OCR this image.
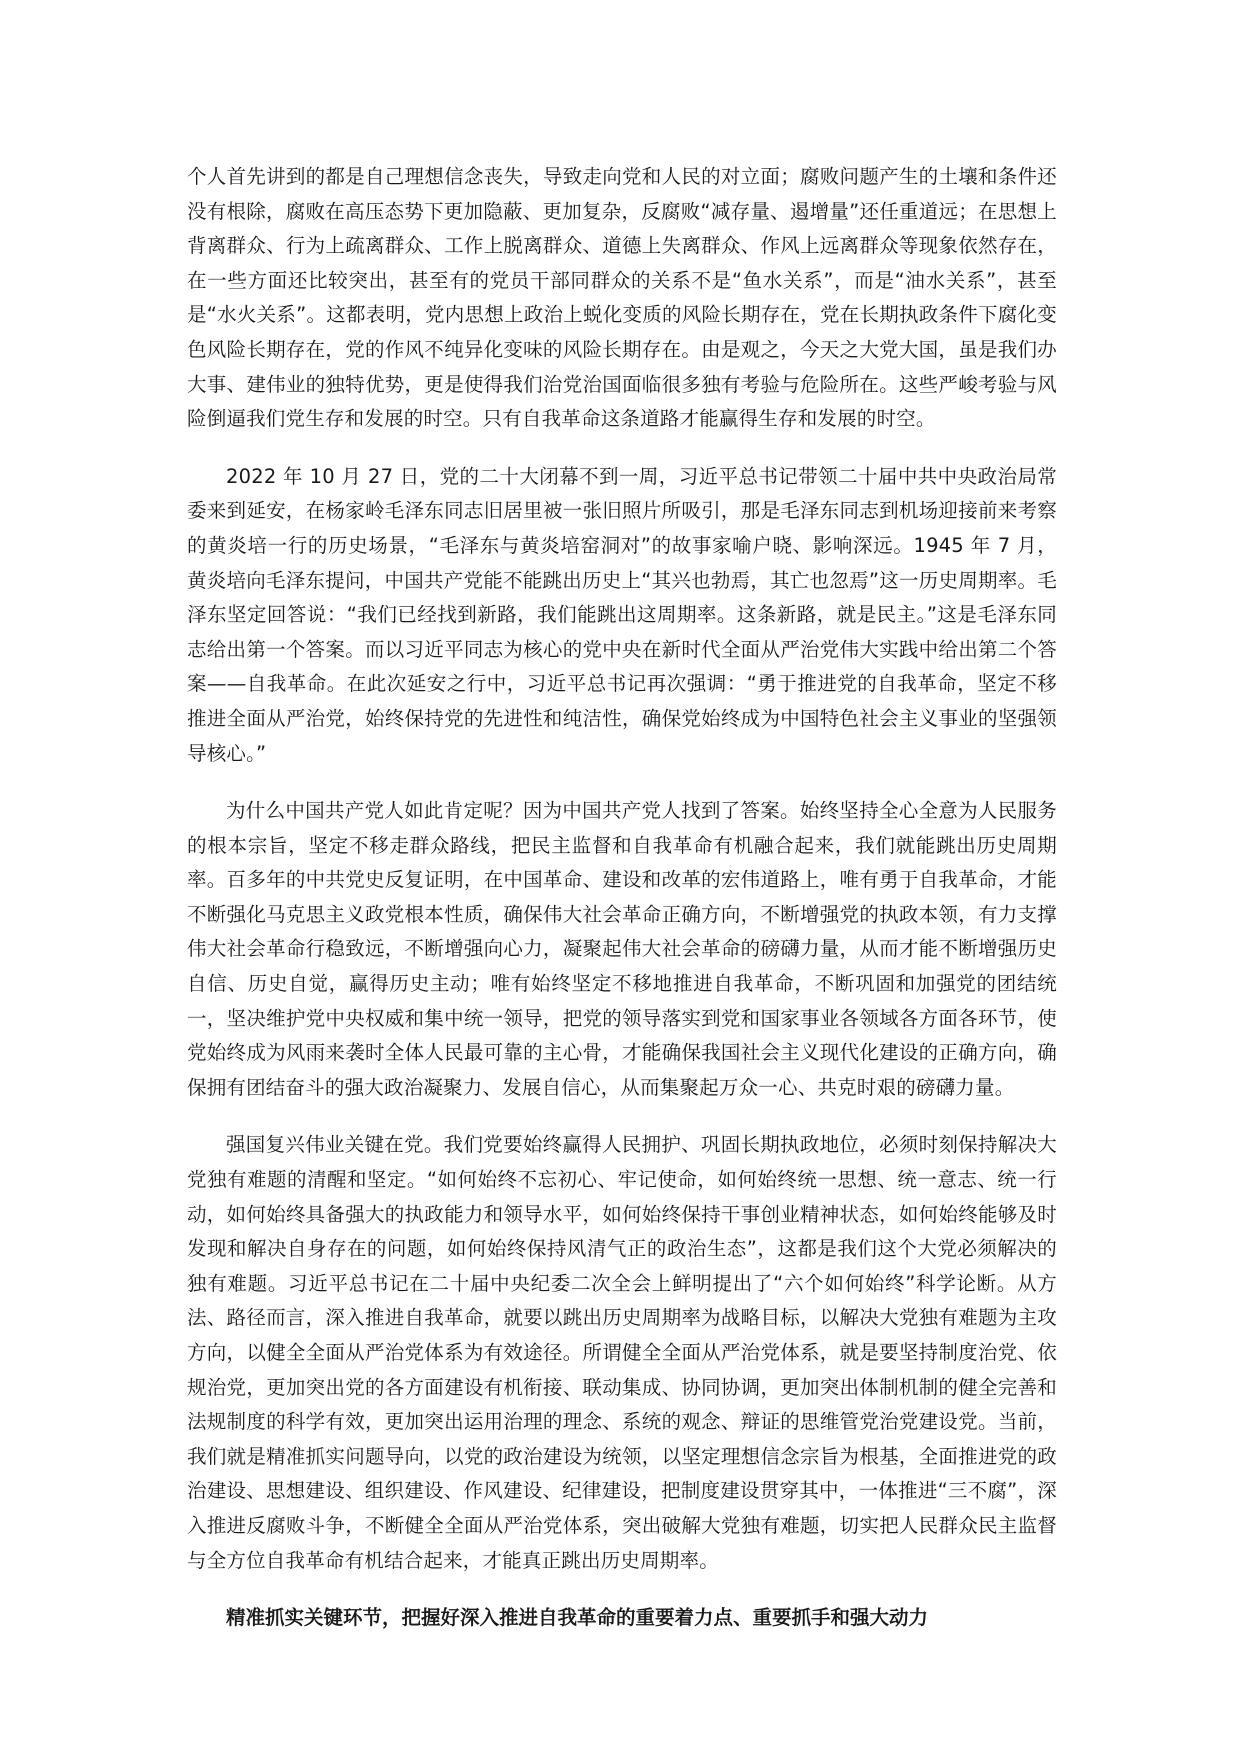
个人首先讲到的都是自己理想信念丧失，导致走向党和人民的对立面；腐败问题产生的土壤和条件还没有根除，腐败在高压态势下更加隐蔽、更加复杂，反腐败“减存量、遏增量”还任重道远；在思想上背离群众、行为上疏离群众、工作上脱离群众、道德上失离群众、作风上远离群众等现象依然存在，在一些方面还比较突出，甚至有的党员干部同群众的关系不是“鱼水关系”，而是“油水关系”，甚至是“水火关系”。这都表明，党内思想上政治上蜕化变质的风险长期存在，党在长期执政条件下腐化变色风险长期存在，党的作风不纯异化变味的风险长期存在。由是观之，今天之大党大国，虽是我们办大事、建伟业的独特优势，更是使得我们治党治国面临很多独有考验与危险所在。这些严峻考验与风险倒逼我们党生存和发展的时空。只有自我革命这条道路才能赢得生存和发展的时空。

2022 年 10 月 27 日，党的二十大闭幕不到一周，习近平总书记带领二十届中共中央政治局常委来到延安，在杨家岭毛泽东同志旧居里被一张旧照片所吸引，那是毛泽东同志到机场迎接前来考察的黄炎培一行的历史场景，“毛泽东与黄炎培窑洞对”的故事家喻户晓、影响深远。1945 年 7 月，黄炎培向毛泽东提问，中国共产党能不能跳出历史上“其兴也勃焉，其亡也忽焉”这一历史周期率。毛泽东坚定回答说：“我们已经找到新路，我们能跳出这周期率。这条新路，就是民主。”这是毛泽东同志给出第一个答案。而以习近平同志为核心的党中央在新时代全面从严治党伟大实践中给出第二个答案——自我革命。在此次延安之行中，习近平总书记再次强调：“勇于推进党的自我革命，坚定不移推进全面从严治党，始终保持党的先进性和纯洁性，确保党始终成为中国特色社会主义事业的坚强领导核心。”

为什么中国共产党人如此肯定呢？因为中国共产党人找到了答案。始终坚持全心全意为人民服务的根本宗旨，坚定不移走群众路线，把民主监督和自我革命有机融合起来，我们就能跳出历史周期率。百多年的中共党史反复证明，在中国革命、建设和改革的宏伟道路上，唯有勇于自我革命，才能不断强化马克思主义政党根本性质，确保伟大社会革命正确方向，不断增强党的执政本领，有力支撑伟大社会革命行稳致远，不断增强向心力，凝聚起伟大社会革命的磅礴力量，从而才能不断增强历史自信、历史自觉，赢得历史主动；唯有始终坚定不移地推进自我革命，不断巩固和加强党的团结统一，坚决维护党中央权威和集中统一领导，把党的领导落实到党和国家事业各领域各方面各环节，使党始终成为风雨来袭时全体人民最可靠的主心骨，才能确保我国社会主义现代化建设的正确方向，确保拥有团结奋斗的强大政治凝聚力、发展自信心，从而集聚起万众一心、共克时艰的磅礴力量。

强国复兴伟业关键在党。我们党要始终赢得人民拥护、巩固长期执政地位，必须时刻保持解决大党独有难题的清醒和坚定。“如何始终不忘初心、牢记使命，如何始终统一思想、统一意志、统一行动，如何始终具备强大的执政能力和领导水平，如何始终保持干事创业精神状态，如何始终能够及时发现和解决自身存在的问题，如何始终保持风清气正的政治生态”，这都是我们这个大党必须解决的独有难题。习近平总书记在二十届中央纪委二次全会上鲜明提出了“六个如何始终”科学论断。从方法、路径而言，深入推进自我革命，就要以跳出历史周期率为战略目标，以解决大党独有难题为主攻方向，以健全全面从严治党体系为有效途径。所谓健全全面从严治党体系，就是要坚持制度治党、依规治党，更加突出党的各方面建设有机衔接、联动集成、协同协调，更加突出体制机制的健全完善和法规制度的科学有效，更加突出运用治理的理念、系统的观念、辩证的思维管党治党建设党。当前，我们就是精准抓实问题导向，以党的政治建设为统领，以坚定理想信念宗旨为根基，全面推进党的政治建设、思想建设、组织建设、作风建设、纪律建设，把制度建设贯穿其中，一体推进“三不腐”，深入推进反腐败斗争，不断健全全面从严治党体系，突出破解大党独有难题，切实把人民群众民主监督与全方位自我革命有机结合起来，才能真正跳出历史周期率。

精准抓实关键环节，把握好深入推进自我革命的重要着力点、重要抓手和强大动力
